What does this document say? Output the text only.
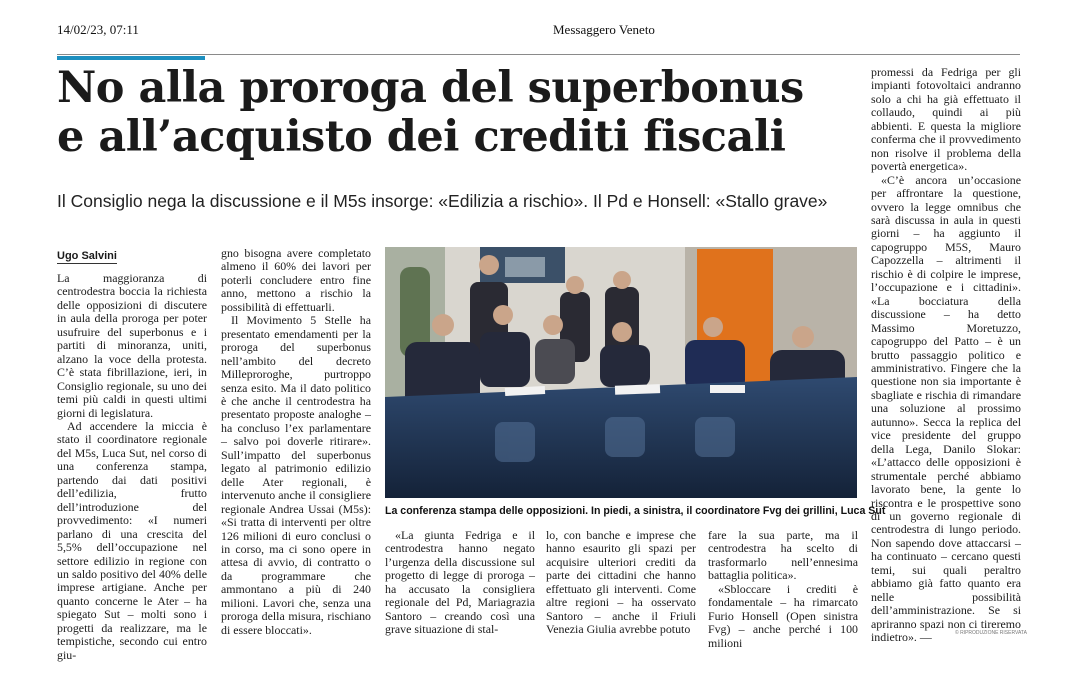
14/02/23, 07:11	Messaggero Veneto
No alla proroga del superbonus
e all’acquisto dei crediti fiscali

Il Consiglio nega la discussione e il M5s insorge: «Edilizia a rischio». Il Pd e Honsell: «Stallo grave»

Ugo Salvini

La maggioranza di centrodestra boccia la richiesta delle opposizioni di discutere in aula della proroga per poter usufruire del superbonus e i partiti di minoranza, uniti, alzano la voce della protesta. C’è stata fibrillazione, ieri, in Consiglio regionale, su uno dei temi più caldi in questi ultimi giorni di legislatura.

Ad accendere la miccia è stato il coordinatore regionale del M5s, Luca Sut, nel corso di una conferenza stampa, partendo dai dati positivi dell’edilizia, frutto dell’introduzione del provvedimento: «I numeri parlano di una crescita del 5,5% dell’occupazione nel settore edilizio in regione con un saldo positivo del 40% delle imprese artigiane. Anche per quanto concerne le Ater – ha spiegato Sut – molti sono i progetti da realizzare, ma le tempistiche, secondo cui entro giu-

gno bisogna avere completato almeno il 60% dei lavori per poterli concludere entro fine anno, mettono a rischio la possibilità di effettuarli.

Il Movimento 5 Stelle ha presentato emendamenti per la proroga del superbonus nell’ambito del decreto Milleproroghe, purtroppo senza esito. Ma il dato politico è che anche il centrodestra ha presentato proposte analoghe – ha concluso l’ex parlamentare – salvo poi doverle ritirare». Sull’impatto del superbonus legato al patrimonio edilizio delle Ater regionali, è intervenuto anche il consigliere regionale Andrea Ussai (M5s): «Si tratta di interventi per oltre 126 milioni di euro conclusi o in corso, ma ci sono opere in attesa di avvio, di contratto o da programmare che ammontano a più di 240 milioni. Lavori che, senza una proroga della misura, rischiano di essere bloccati».

La conferenza stampa delle opposizioni. In piedi, a sinistra, il coordinatore Fvg dei grillini, Luca Sut

«La giunta Fedriga e il centrodestra hanno negato l’urgenza della discussione sul progetto di legge di proroga – ha accusato la consigliera regionale del Pd, Mariagrazia Santoro – creando così una grave situazione di stal-

lo, con banche e imprese che hanno esaurito gli spazi per acquisire ulteriori crediti da parte dei cittadini che hanno effettuato gli interventi. Come altre regioni – ha osservato Santoro – anche il Friuli Venezia Giulia avrebbe potuto

fare la sua parte, ma il centrodestra ha scelto di trasformarlo nell’ennesima battaglia politica».

«Sbloccare i crediti è fondamentale – ha rimarcato Furio Honsell (Open sinistra Fvg) – anche perché i 100 milioni

promessi da Fedriga per gli impianti fotovoltaici andranno solo a chi ha già effettuato il collaudo, quindi ai più abbienti. E questa la migliore conferma che il provvedimento non risolve il problema della povertà energetica».

«C’è ancora un’occasione per affrontare la questione, ovvero la legge omnibus che sarà discussa in aula in questi giorni – ha aggiunto il capogruppo M5S, Mauro Capozzella – altrimenti il rischio è di colpire le imprese, l’occupazione e i cittadini». «La bocciatura della discussione – ha detto Massimo Moretuzzo, capogruppo del Patto – è un brutto passaggio politico e amministrativo. Fingere che la questione non sia importante è sbagliate e rischia di rimandare una soluzione al prossimo autunno». Secca la replica del vice presidente del gruppo della Lega, Danilo Slokar: «L’attacco delle opposizioni è strumentale perché abbiamo lavorato bene, la gente lo riscontra e le prospettive sono di un governo regionale di centrodestra di lungo periodo. Non sapendo dove attaccarsi – ha continuato – cercano questi temi, sui quali peraltro abbiamo già fatto quanto era nelle possibilità dell’amministrazione. Se si apriranno spazi non ci tireremo indietro». —	© RIPRODUZIONE RISERVATA
